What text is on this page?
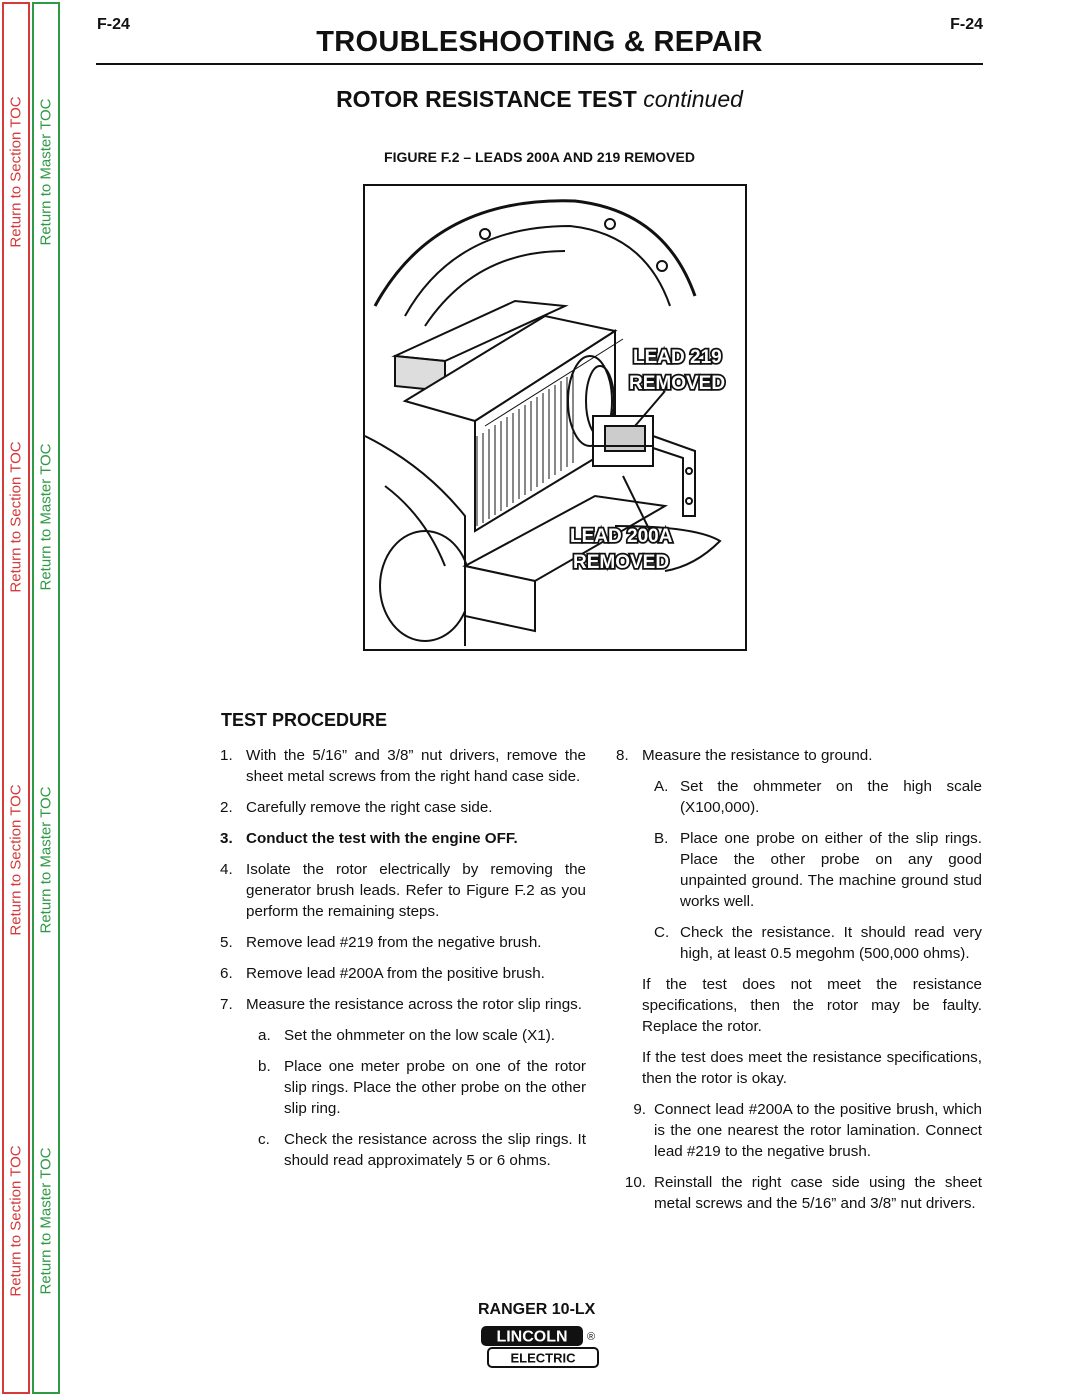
Return to Section TOC
Return to Section TOC
Return to Section TOC
Return to Section TOC
Return to Master TOC
Return to Master TOC
Return to Master TOC
Return to Master TOC
F-24	F-24
TROUBLESHOOTING & REPAIR
ROTOR RESISTANCE TEST continued
FIGURE F.2 – LEADS 200A AND 219 REMOVED
LEAD 219
REMOVED
LEAD 200A
REMOVED
TEST PROCEDURE
1. With the 5/16” and 3/8” nut drivers, remove the sheet metal screws from the right hand case side.
2. Carefully remove the right case side.
3. Conduct the test with the engine OFF.
4. Isolate the rotor electrically by removing the generator brush leads. Refer to Figure F.2 as you perform the remaining steps.
5. Remove lead #219 from the negative brush.
6. Remove lead #200A from the positive brush.
7. Measure the resistance across the rotor slip rings.
a. Set the ohmmeter on the low scale (X1).
b. Place one meter probe on one of the rotor slip rings. Place the other probe on the other slip ring.
c. Check the resistance across the slip rings. It should read approximately 5 or 6 ohms.
8. Measure the resistance to ground.
A. Set the ohmmeter on the high scale (X100,000).
B. Place one probe on either of the slip rings. Place the other probe on any good unpainted ground. The machine ground stud works well.
C. Check the resistance. It should read very high, at least 0.5 megohm (500,000 ohms).
If the test does not meet the resistance specifications, then the rotor may be faulty. Replace the rotor.
If the test does meet the resistance specifications, then the rotor is okay.
9. Connect lead #200A to the positive brush, which is the one nearest the rotor lamination. Connect lead #219 to the negative brush.
10. Reinstall the right case side using the sheet metal screws and the 5/16” and 3/8” nut drivers.
RANGER 10-LX
LINCOLN ®
ELECTRIC
